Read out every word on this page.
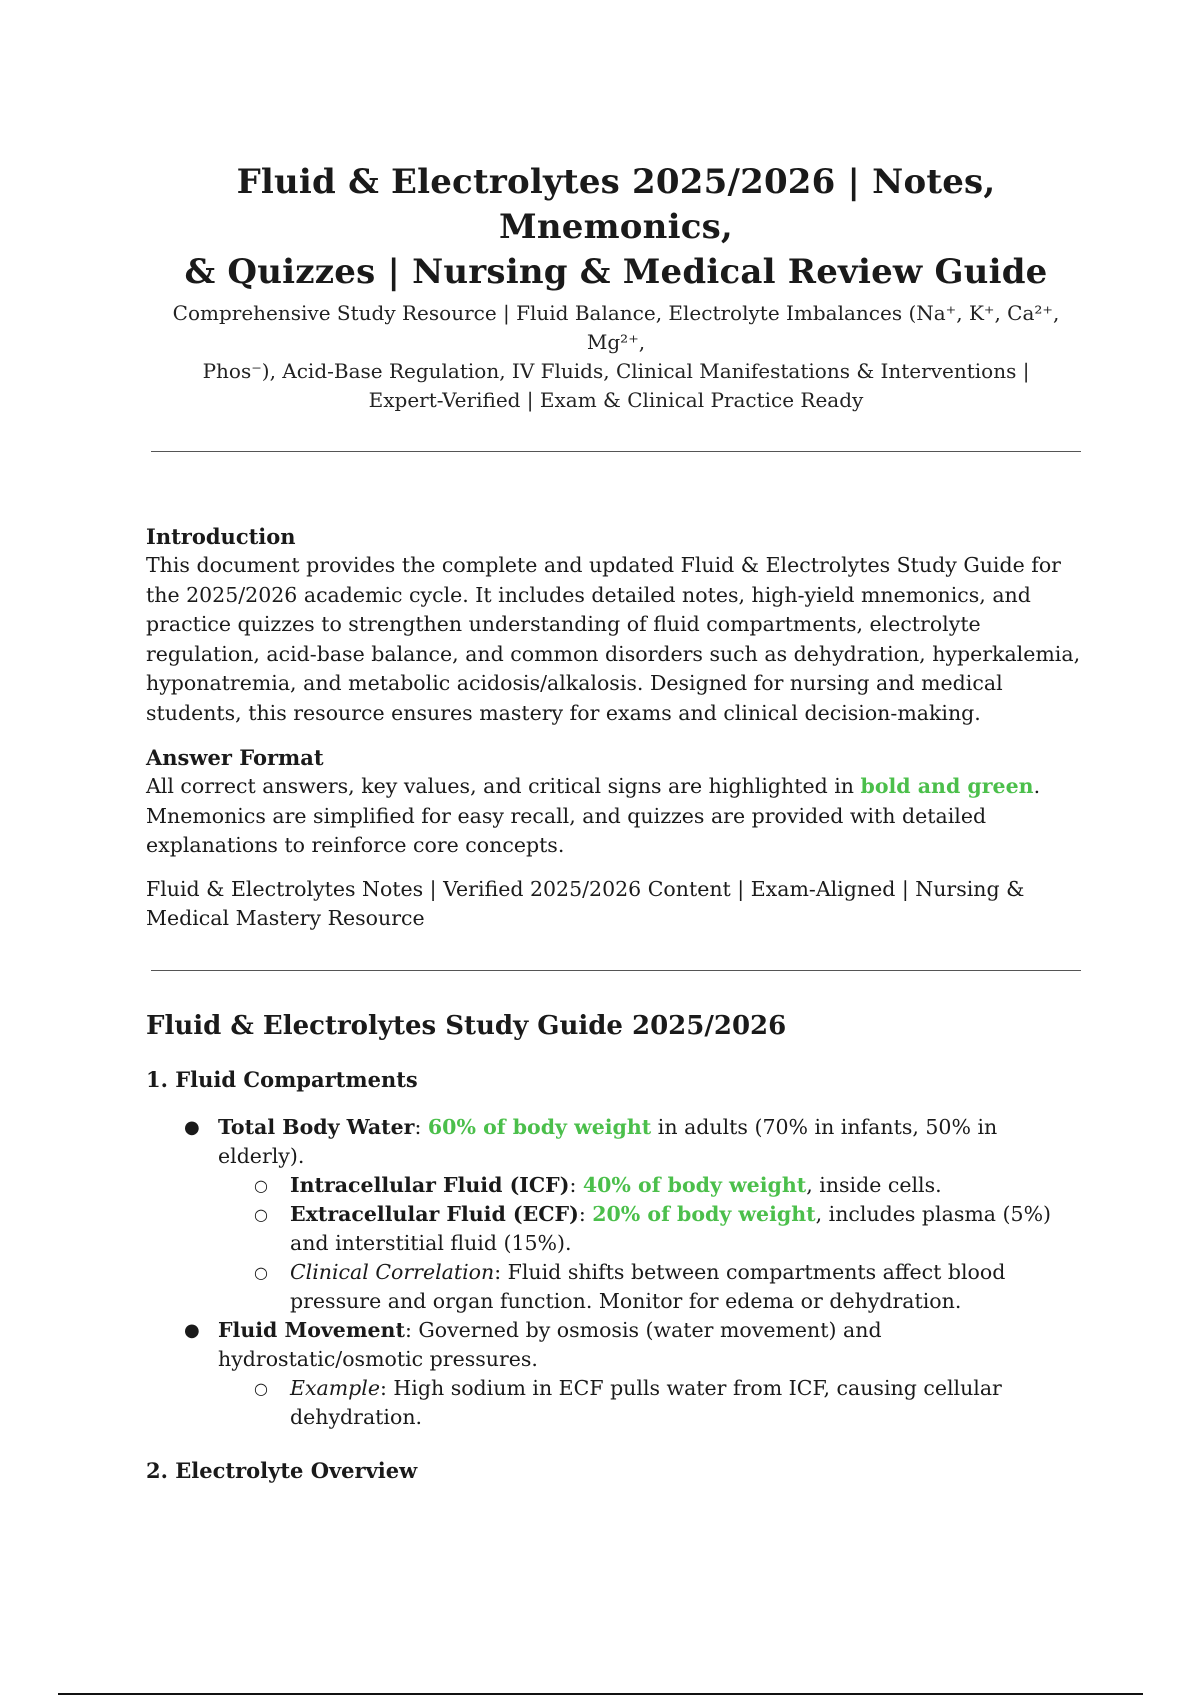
Fluid & Electrolytes 2025/2026 | Notes, Mnemonics,
& Quizzes | Nursing & Medical Review Guide

Comprehensive Study Resource | Fluid Balance, Electrolyte Imbalances (Na⁺, K⁺, Ca²⁺, Mg²⁺,
Phos⁻), Acid-Base Regulation, IV Fluids, Clinical Manifestations & Interventions |
Expert-Verified | Exam & Clinical Practice Ready

Introduction

This document provides the complete and updated Fluid & Electrolytes Study Guide for the 2025/2026 academic cycle. It includes detailed notes, high-yield mnemonics, and practice quizzes to strengthen understanding of fluid compartments, electrolyte regulation, acid-base balance, and common disorders such as dehydration, hyperkalemia, hyponatremia, and metabolic acidosis/alkalosis. Designed for nursing and medical students, this resource ensures mastery for exams and clinical decision-making.

Answer Format

All correct answers, key values, and critical signs are highlighted in bold and green. Mnemonics are simplified for easy recall, and quizzes are provided with detailed explanations to reinforce core concepts.

Fluid & Electrolytes Notes | Verified 2025/2026 Content | Exam-Aligned | Nursing & Medical Mastery Resource

Fluid & Electrolytes Study Guide 2025/2026
1. Fluid Compartments
● Total Body Water: 60% of body weight in adults (70% in infants, 50% in elderly).
○ Intracellular Fluid (ICF): 40% of body weight, inside cells.
○ Extracellular Fluid (ECF): 20% of body weight, includes plasma (5%) and interstitial fluid (15%).
○ Clinical Correlation: Fluid shifts between compartments affect blood pressure and organ function. Monitor for edema or dehydration.
● Fluid Movement: Governed by osmosis (water movement) and hydrostatic/osmotic pressures.
○ Example: High sodium in ECF pulls water from ICF, causing cellular dehydration.
2. Electrolyte Overview
